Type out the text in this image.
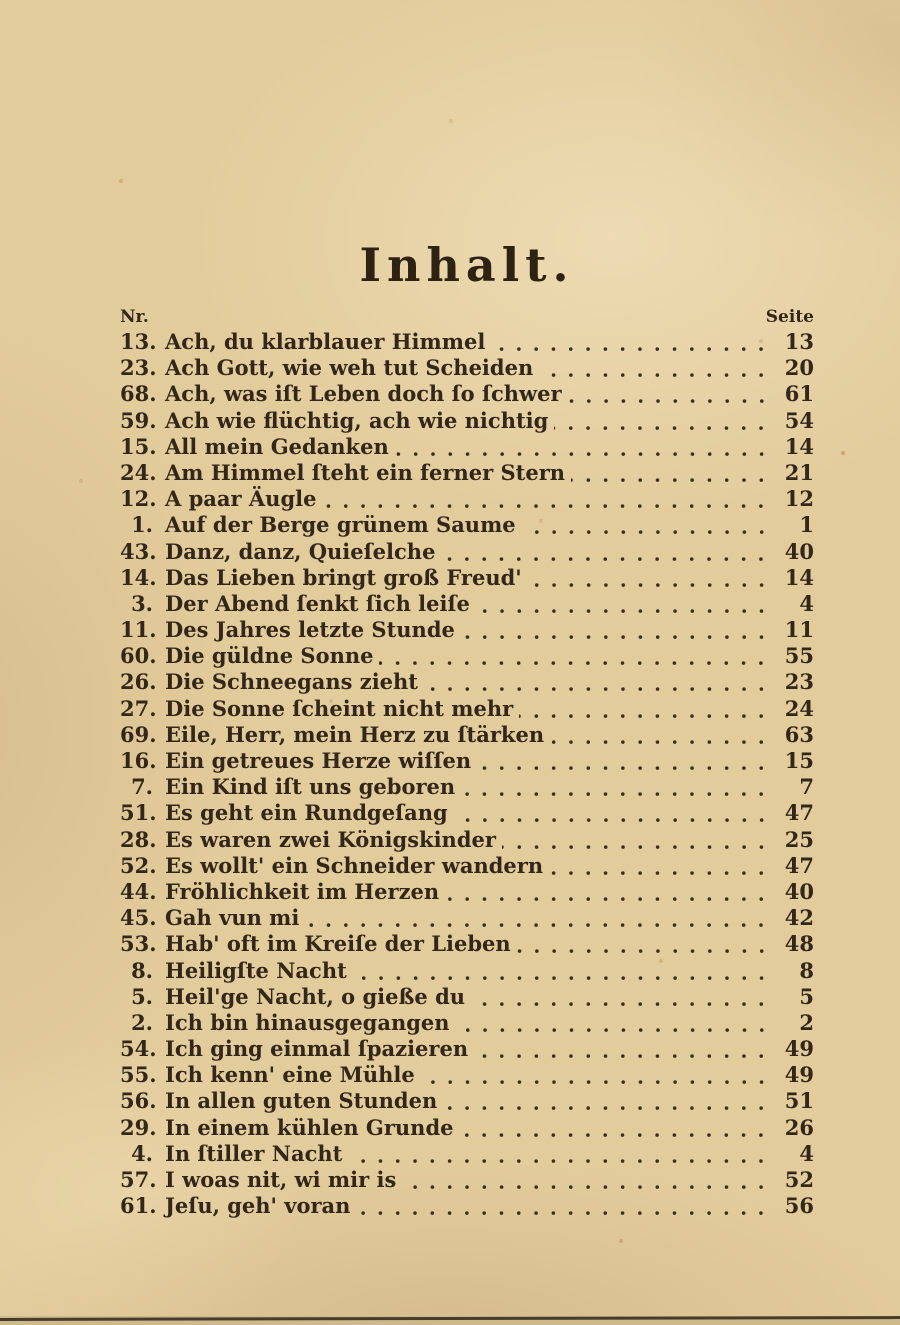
Inhalt.
Nr.	Seite
13. Ach, du klarblauer Himmel	13
23. Ach Gott, wie weh tut Scheiden	20
68. Ach, was iſt Leben doch ſo ſchwer	61
59. Ach wie flüchtig, ach wie nichtig	54
15. All mein Gedanken	14
24. Am Himmel ſteht ein ferner Stern	21
12. A paar Äugle	12
1. Auf der Berge grünem Saume	1
43. Danz, danz, Quieſelche	40
14. Das Lieben bringt groß Freud'	14
3. Der Abend ſenkt ſich leiſe	4
11. Des Jahres letzte Stunde	11
60. Die güldne Sonne	55
26. Die Schneegans zieht	23
27. Die Sonne ſcheint nicht mehr	24
69. Eile, Herr, mein Herz zu ſtärken	63
16. Ein getreues Herze wiſſen	15
7. Ein Kind iſt uns geboren	7
51. Es geht ein Rundgeſang	47
28. Es waren zwei Königskinder	25
52. Es wollt' ein Schneider wandern	47
44. Fröhlichkeit im Herzen	40
45. Gah vun mi	42
53. Hab' oft im Kreiſe der Lieben	48
8. Heiligſte Nacht	8
5. Heil'ge Nacht, o gieße du	5
2. Ich bin hinausgegangen	2
54. Ich ging einmal ſpazieren	49
55. Ich kenn' eine Mühle	49
56. In allen guten Stunden	51
29. In einem kühlen Grunde	26
4. In ſtiller Nacht	4
57. I woas nit, wi mir is	52
61. Jeſu, geh' voran	56
